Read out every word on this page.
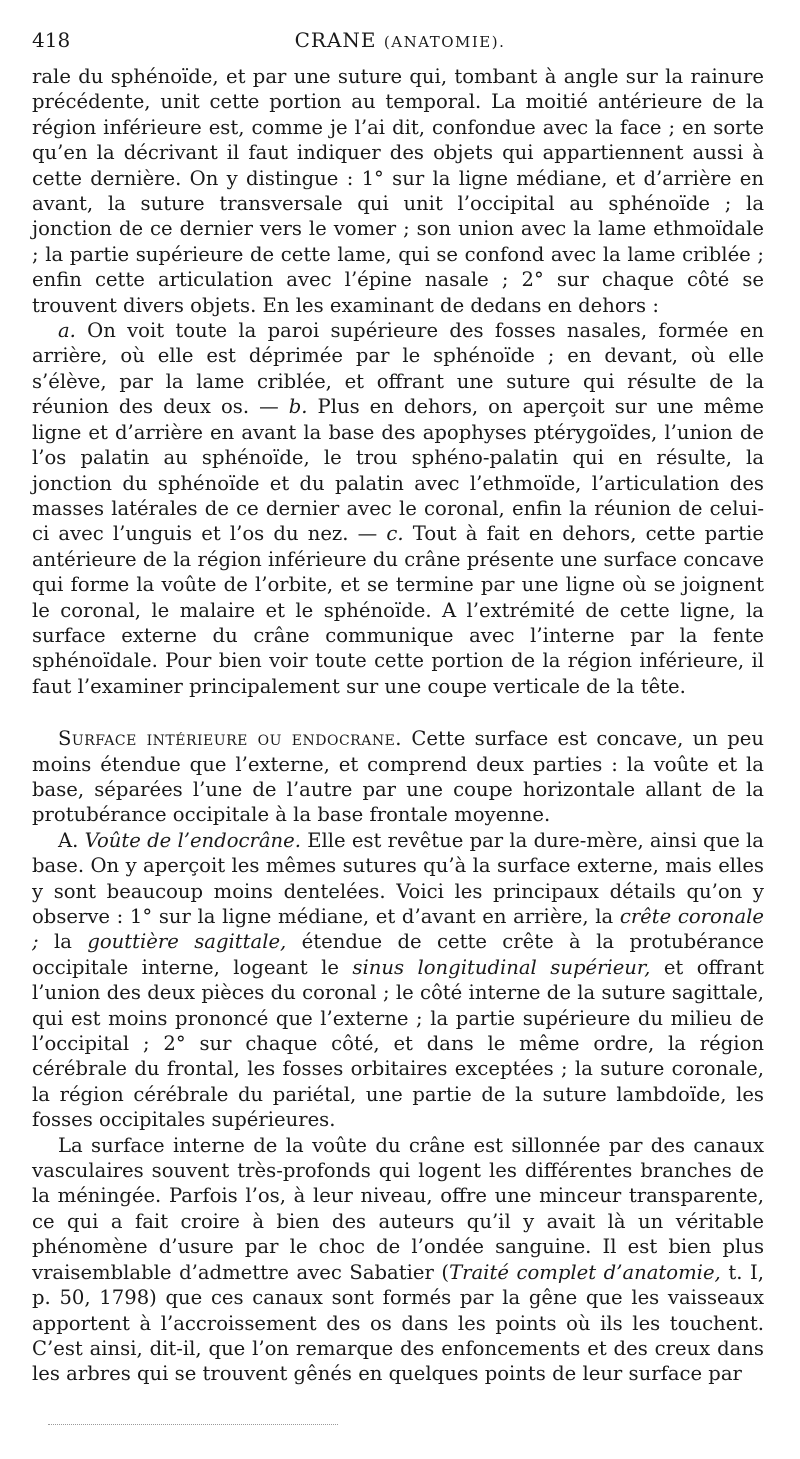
418	CRANE (ANATOMIE).

rale du sphénoïde, et par une suture qui, tombant à angle sur la rainure précédente, unit cette portion au temporal. La moitié antérieure de la région inférieure est, comme je l’ai dit, confondue avec la face ; en sorte qu’en la décrivant il faut indiquer des objets qui appartiennent aussi à cette dernière. On y distingue : 1° sur la ligne médiane, et d’arrière en avant, la suture transversale qui unit l’occipital au sphénoïde ; la jonction de ce dernier vers le vomer ; son union avec la lame ethmoïdale ; la partie supérieure de cette lame, qui se confond avec la lame criblée ; enfin cette articulation avec l’épine nasale ; 2° sur chaque côté se trouvent divers objets. En les examinant de dedans en dehors :

a. On voit toute la paroi supérieure des fosses nasales, formée en arrière, où elle est déprimée par le sphénoïde ; en devant, où elle s’élève, par la lame criblée, et offrant une suture qui résulte de la réunion des deux os. — b. Plus en dehors, on aperçoit sur une même ligne et d’arrière en avant la base des apophyses ptérygoïdes, l’union de l’os palatin au sphénoïde, le trou sphéno-palatin qui en résulte, la jonction du sphénoïde et du palatin avec l’ethmoïde, l’articulation des masses latérales de ce dernier avec le coronal, enfin la réunion de celui-ci avec l’unguis et l’os du nez. — c. Tout à fait en dehors, cette partie antérieure de la région inférieure du crâne présente une surface concave qui forme la voûte de l’orbite, et se termine par une ligne où se joignent le coronal, le malaire et le sphénoïde. A l’extrémité de cette ligne, la surface externe du crâne communique avec l’interne par la fente sphénoïdale. Pour bien voir toute cette portion de la région inférieure, il faut l’examiner principalement sur une coupe verticale de la tête.

Surface intérieure ou endocrane. Cette surface est concave, un peu moins étendue que l’externe, et comprend deux parties : la voûte et la base, séparées l’une de l’autre par une coupe horizontale allant de la protubérance occipitale à la base frontale moyenne.

A. Voûte de l’endocrâne. Elle est revêtue par la dure-mère, ainsi que la base. On y aperçoit les mêmes sutures qu’à la surface externe, mais elles y sont beaucoup moins dentelées. Voici les principaux détails qu’on y observe : 1° sur la ligne médiane, et d’avant en arrière, la crête coronale ; la gouttière sagittale, étendue de cette crête à la protubérance occipitale interne, logeant le sinus longitudinal supérieur, et offrant l’union des deux pièces du coronal ; le côté interne de la suture sagittale, qui est moins prononcé que l’externe ; la partie supérieure du milieu de l’occipital ; 2° sur chaque côté, et dans le même ordre, la région cérébrale du frontal, les fosses orbitaires exceptées ; la suture coronale, la région cérébrale du pariétal, une partie de la suture lambdoïde, les fosses occipitales supérieures.

La surface interne de la voûte du crâne est sillonnée par des canaux vasculaires souvent très-profonds qui logent les différentes branches de la méningée. Parfois l’os, à leur niveau, offre une minceur transparente, ce qui a fait croire à bien des auteurs qu’il y avait là un véritable phénomène d’usure par le choc de l’ondée sanguine. Il est bien plus vraisemblable d’admettre avec Sabatier (Traité complet d’anatomie, t. I, p. 50, 1798) que ces canaux sont formés par la gêne que les vaisseaux apportent à l’accroissement des os dans les points où ils les touchent. C’est ainsi, dit-il, que l’on remarque des enfoncements et des creux dans les arbres qui se trouvent gênés en quelques points de leur surface par
